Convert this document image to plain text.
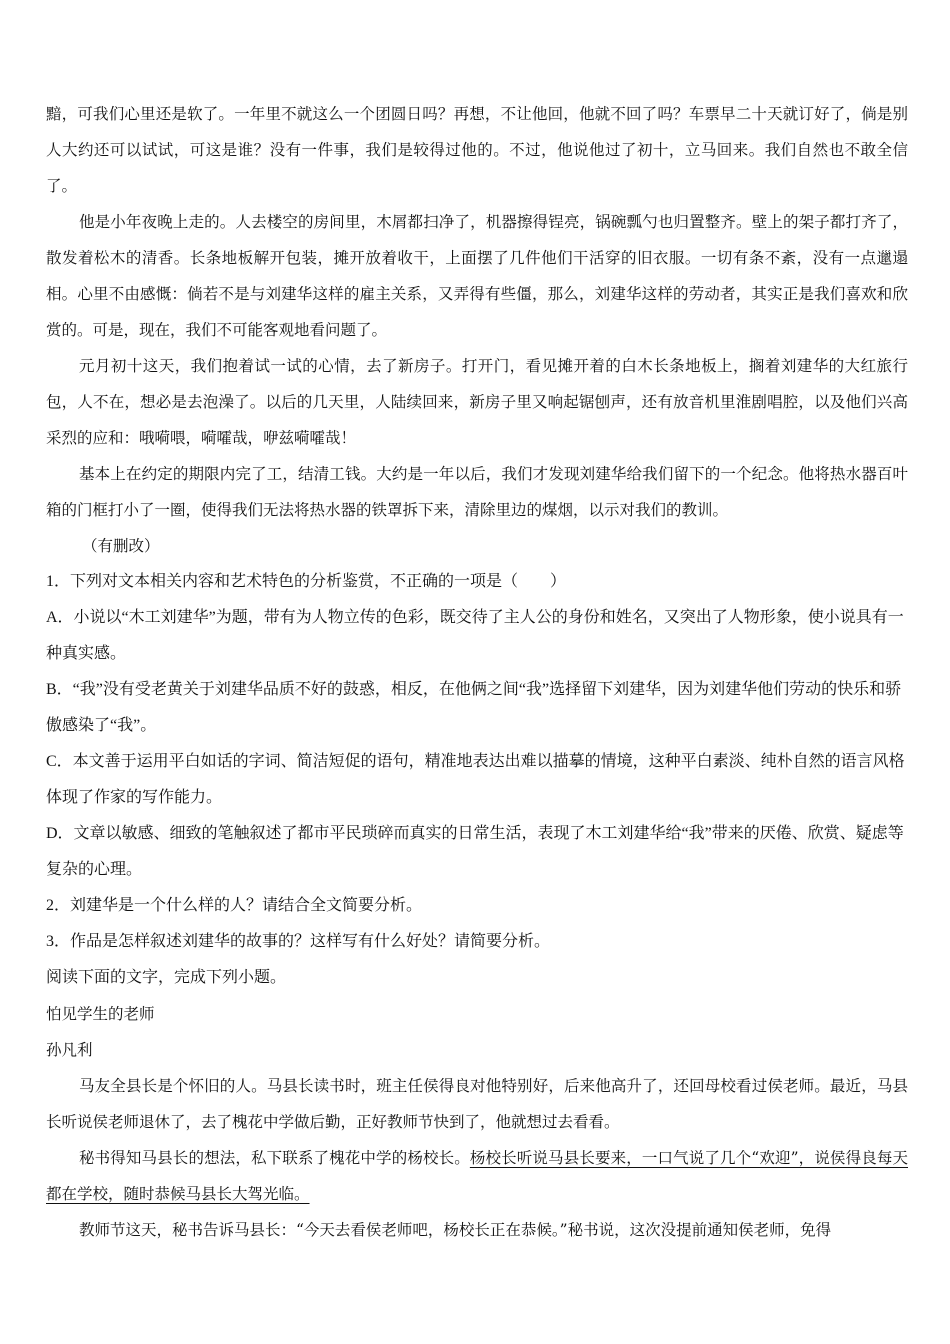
黯，可我们心里还是软了。一年里不就这么一个团圆日吗？再想，不让他回，他就不回了吗？车票早二十天就订好了，倘是别人大约还可以试试，可这是谁？没有一件事，我们是较得过他的。不过，他说他过了初十，立马回来。我们自然也不敢全信了。

他是小年夜晚上走的。人去楼空的房间里，木屑都扫净了，机器擦得锃亮，锅碗瓢勺也归置整齐。壁上的架子都打齐了，散发着松木的清香。长条地板解开包装，摊开放着收干，上面摆了几件他们干活穿的旧衣服。一切有条不紊，没有一点邋遢相。心里不由感慨：倘若不是与刘建华这样的雇主关系，又弄得有些僵，那么，刘建华这样的劳动者，其实正是我们喜欢和欣赏的。可是，现在，我们不可能客观地看问题了。

元月初十这天，我们抱着试一试的心情，去了新房子。打开门，看见摊开着的白木长条地板上，搁着刘建华的大红旅行包，人不在，想必是去泡澡了。以后的几天里，人陆续回来，新房子里又响起锯刨声，还有放音机里淮剧唱腔，以及他们兴高采烈的应和：哦嗬喂，嗬嚯哉，咿兹嗬嚯哉！

基本上在约定的期限内完了工，结清工钱。大约是一年以后，我们才发现刘建华给我们留下的一个纪念。他将热水器百叶箱的门框打小了一圈，使得我们无法将热水器的铁罩拆下来，清除里边的煤烟，以示对我们的教训。

（有删改）

1．下列对文本相关内容和艺术特色的分析鉴赏，不正确的一项是（　　）

A．小说以“木工刘建华”为题，带有为人物立传的色彩，既交待了主人公的身份和姓名，又突出了人物形象，使小说具有一种真实感。

B．“我”没有受老黄关于刘建华品质不好的鼓惑，相反，在他俩之间“我”选择留下刘建华，因为刘建华他们劳动的快乐和骄傲感染了“我”。

C．本文善于运用平白如话的字词、简洁短促的语句，精准地表达出难以描摹的情境，这种平白素淡、纯朴自然的语言风格体现了作家的写作能力。

D．文章以敏感、细致的笔触叙述了都市平民琐碎而真实的日常生活，表现了木工刘建华给“我”带来的厌倦、欣赏、疑虑等复杂的心理。

2．刘建华是一个什么样的人？请结合全文简要分析。

3．作品是怎样叙述刘建华的故事的？这样写有什么好处？请简要分析。

阅读下面的文字，完成下列小题。

怕见学生的老师

孙凡利

马友全县长是个怀旧的人。马县长读书时，班主任侯得良对他特别好，后来他高升了，还回母校看过侯老师。最近，马县长听说侯老师退休了，去了槐花中学做后勤，正好教师节快到了，他就想过去看看。

秘书得知马县长的想法，私下联系了槐花中学的杨校长。杨校长听说马县长要来，一口气说了几个“欢迎”，说侯得良每天都在学校，随时恭候马县长大驾光临。

教师节这天，秘书告诉马县长：“今天去看侯老师吧，杨校长正在恭候。”秘书说，这次没提前通知侯老师，免得
